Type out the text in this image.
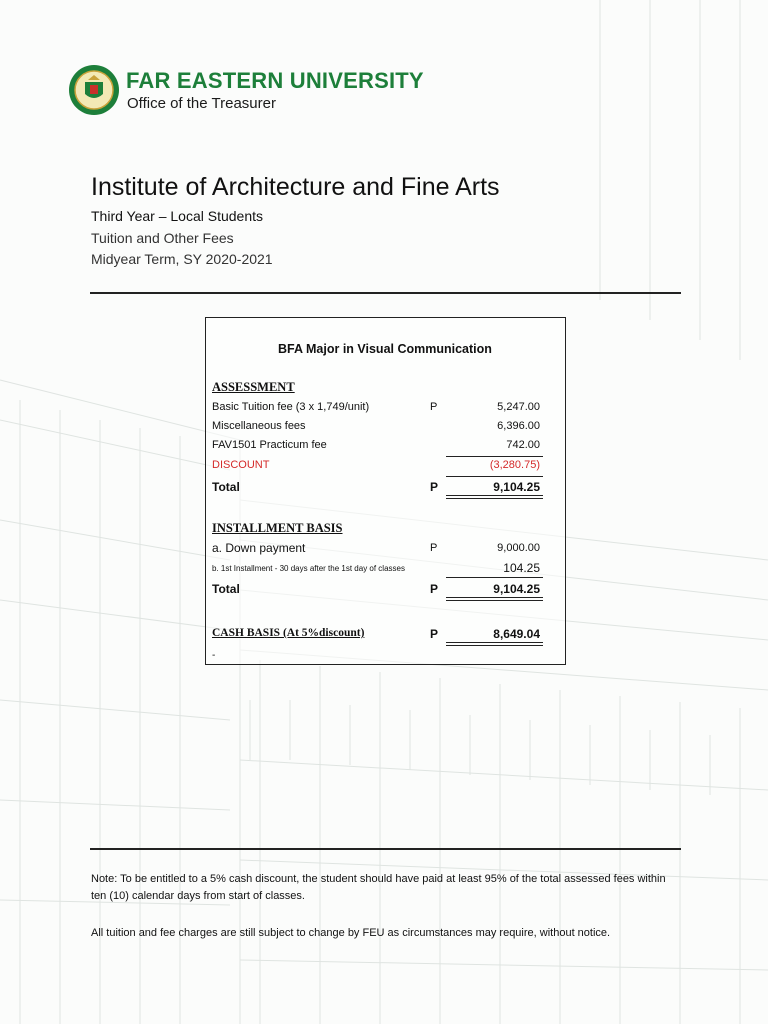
FAR EASTERN UNIVERSITY
Office of the Treasurer
Institute of Architecture and Fine Arts
Third Year – Local Students
Tuition and Other Fees
Midyear Term, SY 2020-2021
BFA Major in Visual Communication
ASSESSMENT
Basic Tuition fee (3 x 1,749/unit)	P	5,247.00
Miscellaneous fees	6,396.00
FAV1501 Practicum fee	742.00
DISCOUNT	(3,280.75)
Total	P	9,104.25
INSTALLMENT BASIS
a. Down payment	P	9,000.00
b. 1st Installment - 30 days after the 1st day of classes	104.25
Total	P	9,104.25
CASH BASIS (At 5%discount)	P	8,649.04
-
Note: To be entitled to a 5% cash discount, the student should have paid at least 95% of the total assessed fees within ten (10) calendar days from start of classes.
All tuition and fee charges are still subject to change by FEU as circumstances may require, without notice.
